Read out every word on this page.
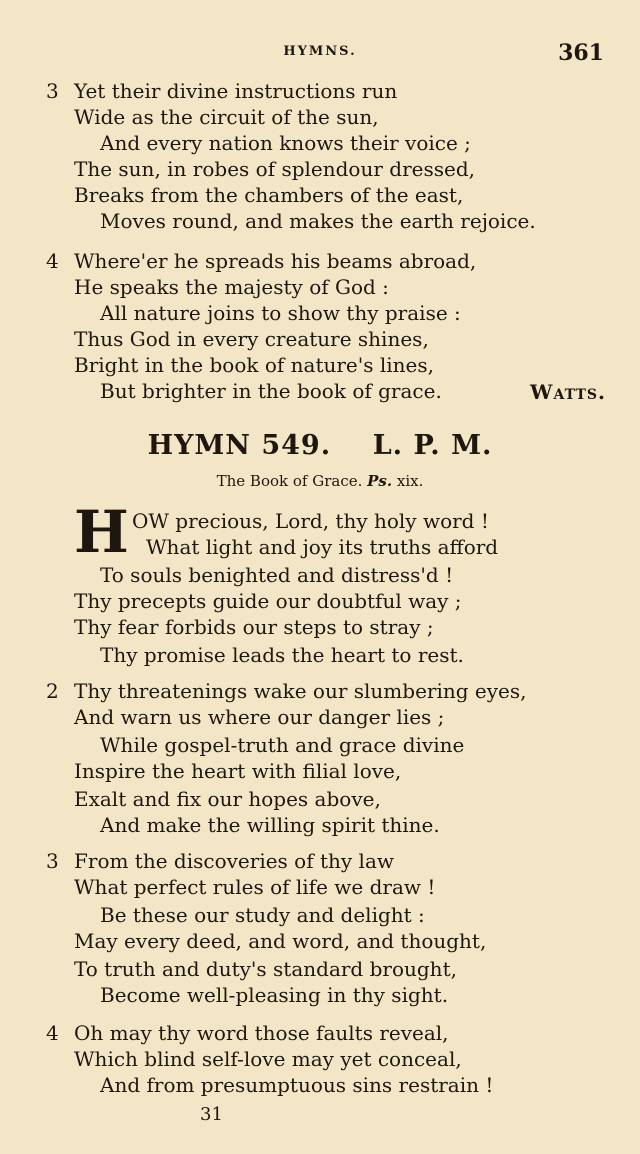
HYMNS.	361
3 Yet their divine instructions run
Wide as the circuit of the sun,
And every nation knows their voice ;
The sun, in robes of splendour dressed,
Breaks from the chambers of the east,
Moves round, and makes the earth rejoice.
4 Where'er he spreads his beams abroad,
He speaks the majesty of God :
All nature joins to show thy praise :
Thus God in every creature shines,
Bright in the book of nature's lines,
But brighter in the book of grace.	Watts.
HYMN 549.    L. P. M.
The Book of Grace. Ps. xix.
H OW precious, Lord, thy holy word !
What light and joy its truths afford
To souls benighted and distress'd !
Thy precepts guide our doubtful way ;
Thy fear forbids our steps to stray ;
Thy promise leads the heart to rest.
2 Thy threatenings wake our slumbering eyes,
And warn us where our danger lies ;
While gospel-truth and grace divine
Inspire the heart with filial love,
Exalt and fix our hopes above,
And make the willing spirit thine.
3 From the discoveries of thy law
What perfect rules of life we draw !
Be these our study and delight :
May every deed, and word, and thought,
To truth and duty's standard brought,
Become well-pleasing in thy sight.
4 Oh may thy word those faults reveal,
Which blind self-love may yet conceal,
And from presumptuous sins restrain !
31
